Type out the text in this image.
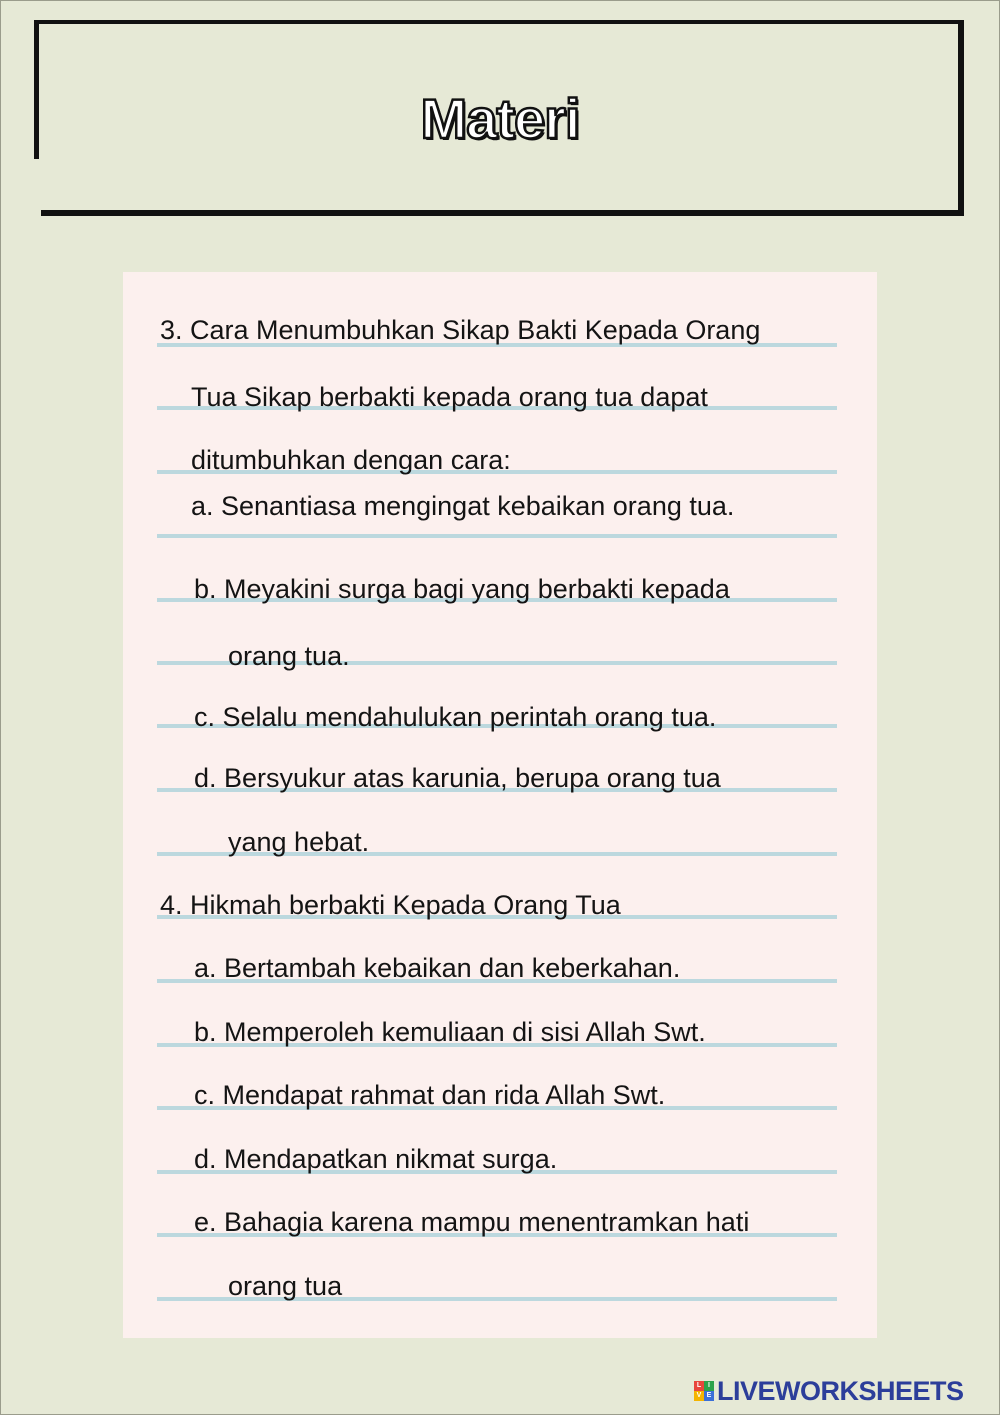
Materi
3. Cara Menumbuhkan Sikap Bakti Kepada Orang
Tua Sikap berbakti kepada orang tua dapat
ditumbuhkan dengan cara:
a. Senantiasa mengingat kebaikan orang tua.
b. Meyakini surga bagi yang berbakti kepada
orang tua.
c. Selalu mendahulukan perintah orang tua.
d. Bersyukur atas karunia, berupa orang tua
yang hebat.
4. Hikmah berbakti Kepada Orang Tua
a. Bertambah kebaikan dan keberkahan.
b. Memperoleh kemuliaan di sisi Allah Swt.
c. Mendapat rahmat dan rida Allah Swt.
d. Mendapatkan nikmat surga.
e. Bahagia karena mampu menentramkan hati
orang tua
L I
V E LIVEWORKSHEETS
